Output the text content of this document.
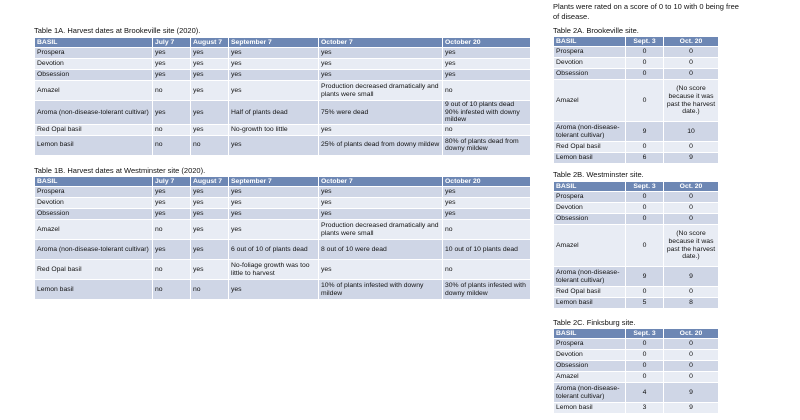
Plants were rated on a score of 0 to 10 with 0 being free of disease.
Table 1A. Harvest dates at Brookeville site (2020).
BASIL	July 7	August 7	September 7	October 7	October 20
Prospera	yes	yes	yes	yes	yes
Devotion	yes	yes	yes	yes	yes
Obsession	yes	yes	yes	yes	yes
Amazel	no	yes	yes	Production decreased dramatically and plants were small	no
Aroma (non-disease-tolerant cultivar)	yes	yes	Half of plants dead	75% were dead	9 out of 10 plants dead 90% infested with downy mildew
Red Opal basil	no	yes	No-growth too little	yes	no
Lemon basil	no	no	yes	25% of plants dead from downy mildew	80% of plants dead from downy mildew
Table 1B. Harvest dates at Westminster site (2020).
BASIL	July 7	August 7	September 7	October 7	October 20
Prospera	yes	yes	yes	yes	yes
Devotion	yes	yes	yes	yes	yes
Obsession	yes	yes	yes	yes	yes
Amazel	no	yes	yes	Production decreased dramatically and plants were small	no
Aroma (non-disease-tolerant cultivar)	yes	yes	6 out of 10 of plants dead	8 out of 10 were dead	10 out of 10 plants dead
Red Opal basil	no	yes	No-foliage growth was too little to harvest	yes	no
Lemon basil	no	no	yes	10% of plants infested with downy mildew	30% of plants infested with downy mildew
Table 2A. Brookeville site.
BASIL	Sept. 3	Oct. 20
Prospera	0	0
Devotion	0	0
Obsession	0	0
Amazel	0	(No score because it was past the harvest date.)
Aroma (non-disease-tolerant cultivar)	9	10
Red Opal basil	0	0
Lemon basil	6	9
Table 2B. Westminster site.
BASIL	Sept. 3	Oct. 20
Prospera	0	0
Devotion	0	0
Obsession	0	0
Amazel	0	(No score because it was past the harvest date.)
Aroma (non-disease-tolerant cultivar)	9	9
Red Opal basil	0	0
Lemon basil	5	8
Table 2C. Finksburg site.
BASIL	Sept. 3	Oct. 20
Prospera	0	0
Devotion	0	0
Obsession	0	0
Amazel	0	0
Aroma (non-disease-tolerant cultivar)	4	9
Lemon basil	3	9
